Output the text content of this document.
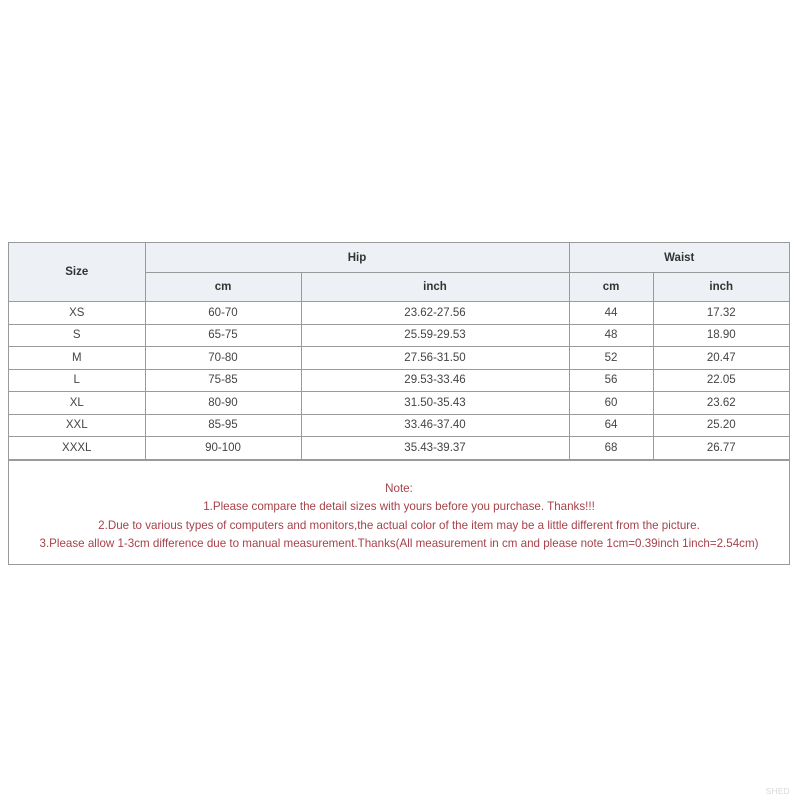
Size	Hip		Waist	
	cm	inch	cm	inch
XS	60-70	23.62-27.56	44	17.32
S	65-75	25.59-29.53	48	18.90
M	70-80	27.56-31.50	52	20.47
L	75-85	29.53-33.46	56	22.05
XL	80-90	31.50-35.43	60	23.62
XXL	85-95	33.46-37.40	64	25.20
XXXL	90-100	35.43-39.37	68	26.77
Note:
1.Please compare the detail sizes with yours before you purchase. Thanks!!!
2.Due to various types of computers and monitors,the actual color of the item may be a little different from the picture.
3.Please allow 1-3cm difference due to manual measurement.Thanks(All measurement in cm and please note 1cm=0.39inch 1inch=2.54cm)
SHED
